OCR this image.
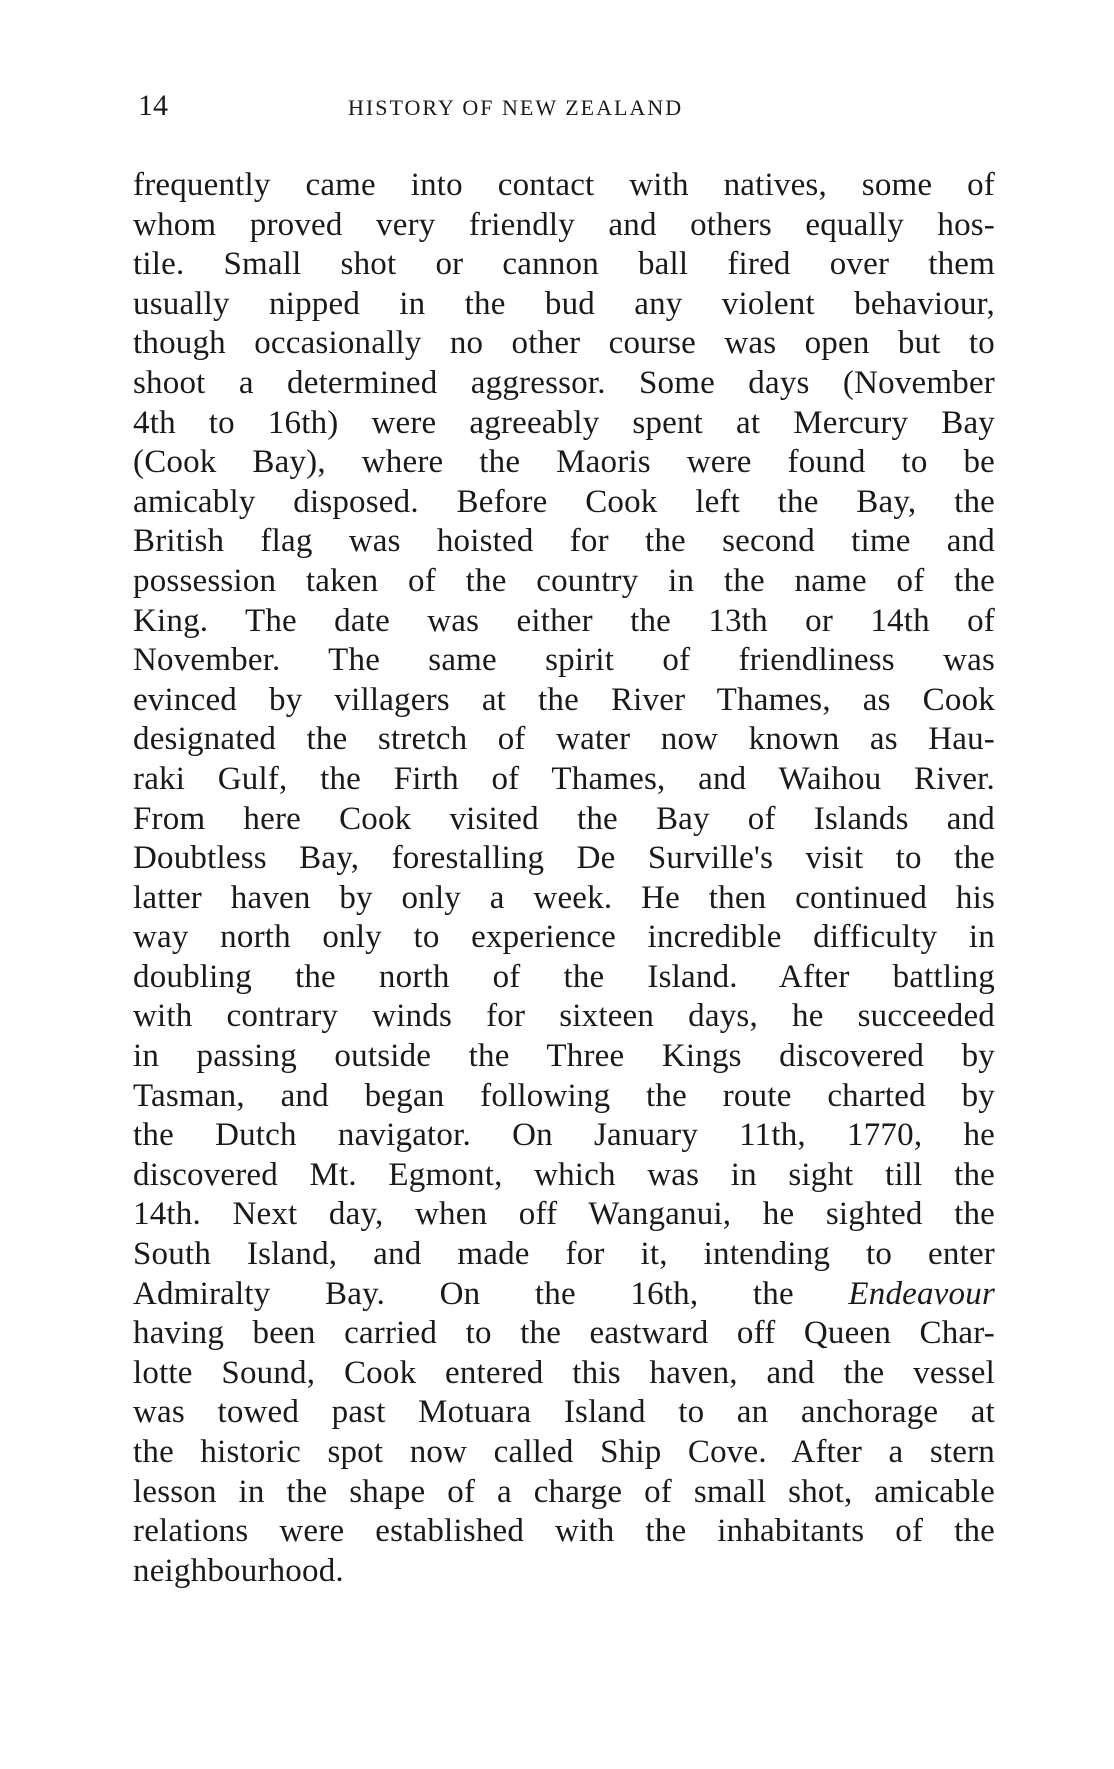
14	HISTORY OF NEW ZEALAND
frequently came into contact with natives, some of
whom proved very friendly and others equally hos-
tile. Small shot or cannon ball fired over them
usually nipped in the bud any violent behaviour,
though occasionally no other course was open but to
shoot a determined aggressor. Some days (November
4th to 16th) were agreeably spent at Mercury Bay
(Cook Bay), where the Maoris were found to be
amicably disposed. Before Cook left the Bay, the
British flag was hoisted for the second time and
possession taken of the country in the name of the
King. The date was either the 13th or 14th of
November. The same spirit of friendliness was
evinced by villagers at the River Thames, as Cook
designated the stretch of water now known as Hau-
raki Gulf, the Firth of Thames, and Waihou River.
From here Cook visited the Bay of Islands and
Doubtless Bay, forestalling De Surville's visit to the
latter haven by only a week. He then continued his
way north only to experience incredible difficulty in
doubling the north of the Island. After battling
with contrary winds for sixteen days, he succeeded
in passing outside the Three Kings discovered by
Tasman, and began following the route charted by
the Dutch navigator. On January 11th, 1770, he
discovered Mt. Egmont, which was in sight till the
14th. Next day, when off Wanganui, he sighted the
South Island, and made for it, intending to enter
Admiralty Bay. On the 16th, the Endeavour
having been carried to the eastward off Queen Char-
lotte Sound, Cook entered this haven, and the vessel
was towed past Motuara Island to an anchorage at
the historic spot now called Ship Cove. After a stern
lesson in the shape of a charge of small shot, amicable
relations were established with the inhabitants of the
neighbourhood.
